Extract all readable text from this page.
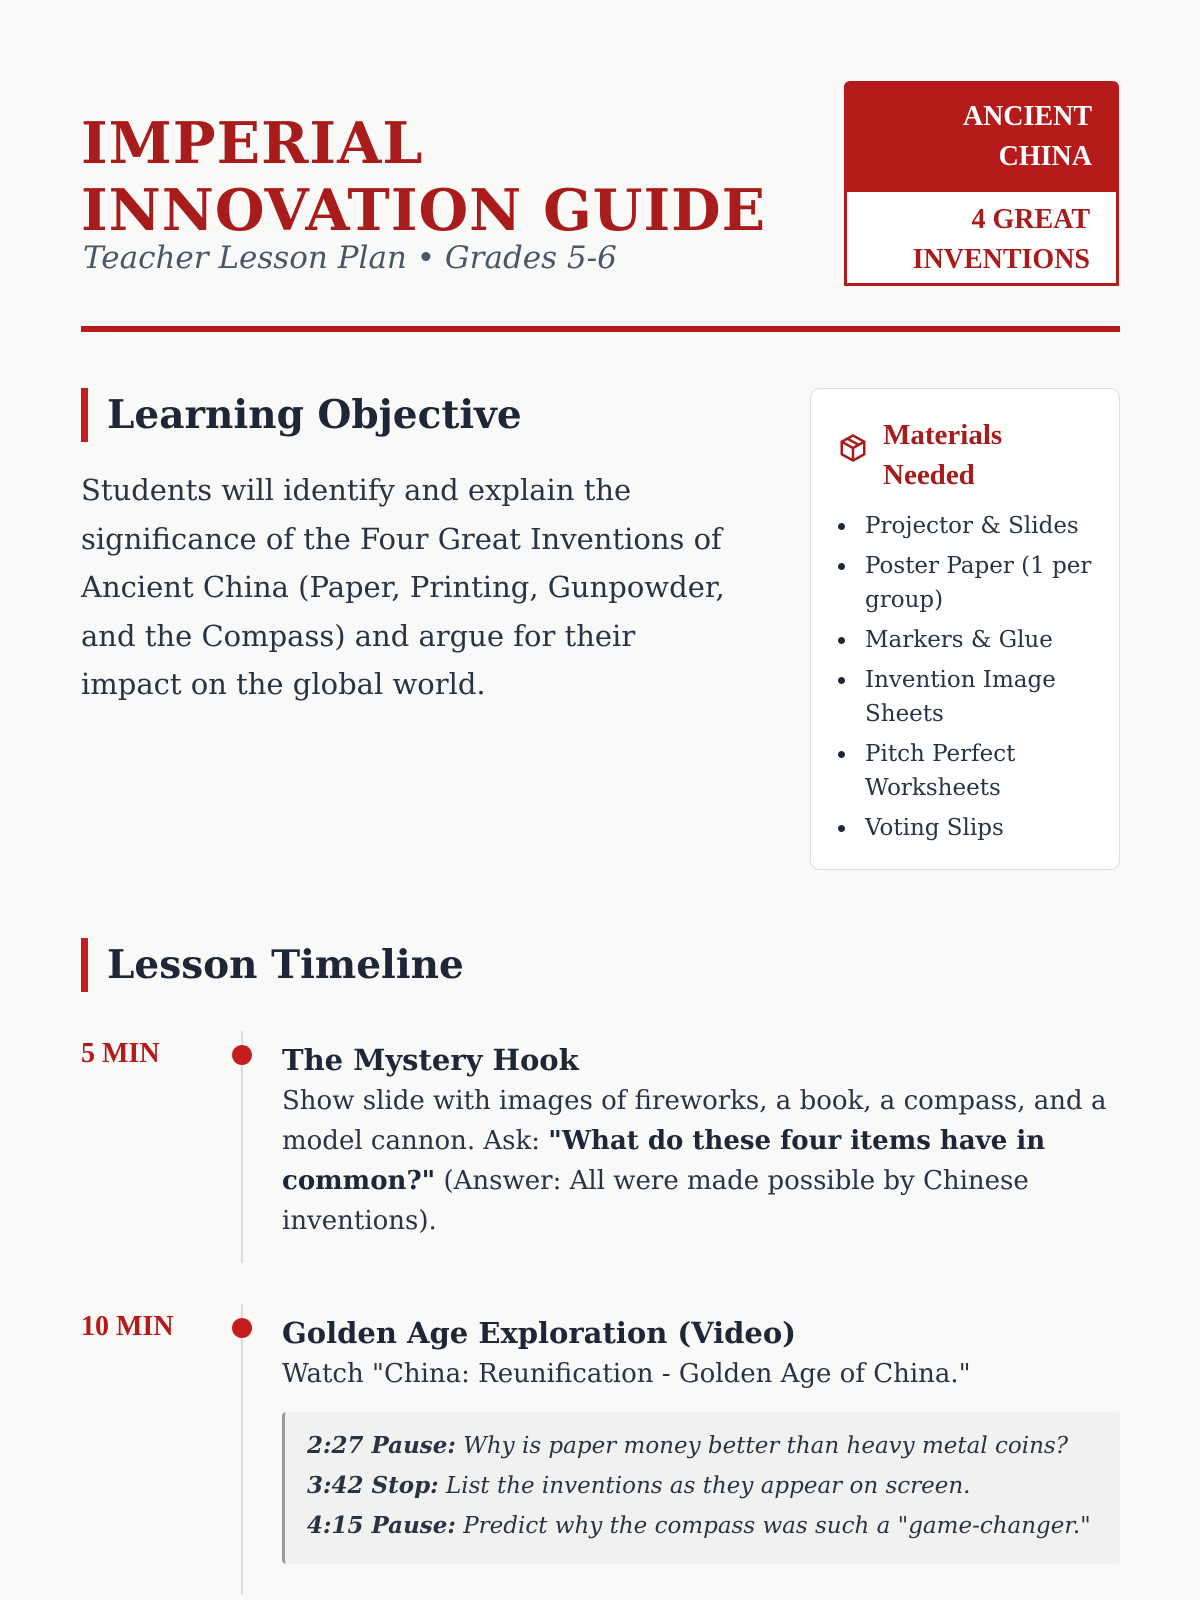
IMPERIAL INNOVATION GUIDE
Teacher Lesson Plan • Grades 5-6
ANCIENT CHINA
4 GREAT INVENTIONS
Learning Objective

Students will identify and explain the significance of the Four Great Inventions of Ancient China (Paper, Printing, Gunpowder, and the Compass) and argue for their impact on the global world.

Materials Needed
Projector & Slides
Poster Paper (1 per group)
Markers & Glue
Invention Image Sheets
Pitch Perfect Worksheets
Voting Slips
Lesson Timeline
5 MIN	The Mystery Hook
Show slide with images of fireworks, a book, a compass, and a model cannon. Ask: "What do these four items have in common?" (Answer: All were made possible by Chinese inventions).
10 MIN	Golden Age Exploration (Video)
Watch "China: Reunification - Golden Age of China."
2:27 Pause: Why is paper money better than heavy metal coins?
3:42 Stop: List the inventions as they appear on screen.
4:15 Pause: Predict why the compass was such a "game-changer."
